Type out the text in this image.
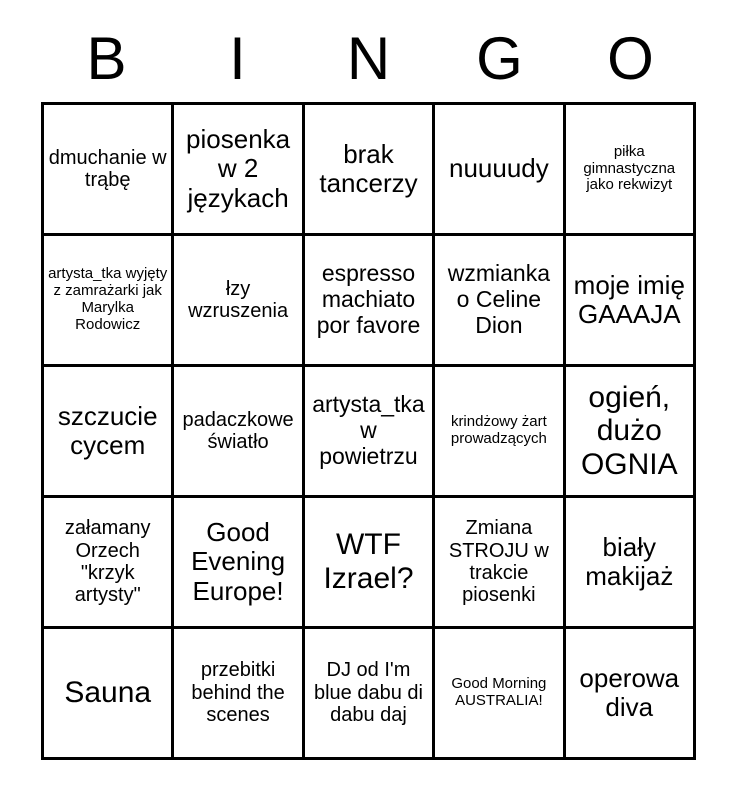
B	I	N	G	O
dmuchanie w trąbę	piosenka w 2 językach	brak tancerzy	nuuuudy	piłka gimnastyczna jako rekwizyt

artysta_tka wyjęty z zamrażarki jak Marylka Rodowicz	łzy wzruszenia	espresso machiato por favore	wzmianka o Celine Dion	moje imię GAAAJA

szczucie cycem	padaczkowe światło	artysta_tka w powietrzu	krindżowy żart prowadzących	ogień, dużo OGNIA

załamany Orzech "krzyk artysty"	Good Evening Europe!	WTF Izrael?	Zmiana STROJU w trakcie piosenki	biały makijaż

Sauna	przebitki behind the scenes	DJ od I'm blue dabu di dabu daj	Good Morning AUSTRALIA!	operowa diva
